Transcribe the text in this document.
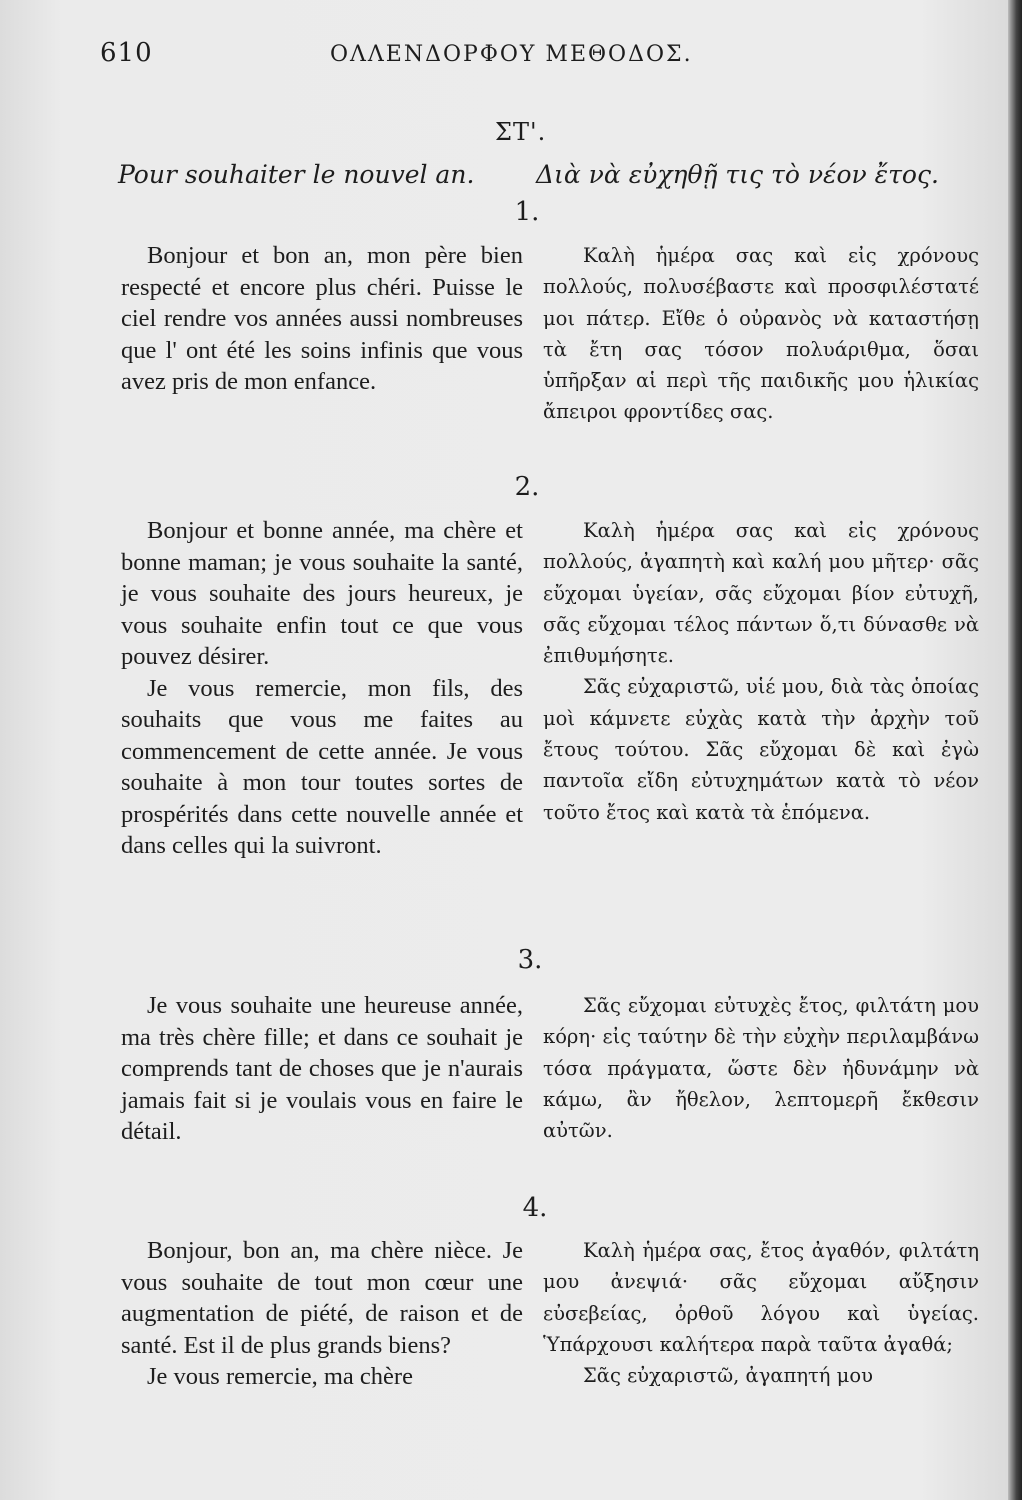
610	ΟΛΛΕΝΔΟΡΦΟΥ ΜΕΘΟΔΟΣ.
ΣΤ'.
Pour souhaiter le nouvel an. Διὰ νὰ εὐχηθῇ τις τὸ νέον ἔτος.
1.

Bonjour et bon an, mon père bien respecté et encore plus chéri. Puisse le ciel rendre vos années aussi nombreuses que l' ont été les soins infinis que vous avez pris de mon enfance.

Καλὴ ἡμέρα σας καὶ εἰς χρόνους πολλούς, πολυσέβαστε καὶ προσφιλέστατέ μοι πάτερ. Εἴθε ὁ οὐρανὸς νὰ καταστήσῃ τὰ ἔτη σας τόσον πολυάριθμα, ὅσαι ὑπῆρξαν αἱ περὶ τῆς παιδικῆς μου ἡλικίας ἄπειροι φροντίδες σας.

2.

Bonjour et bonne année, ma chère et bonne maman; je vous souhaite la santé, je vous souhaite des jours heureux, je vous souhaite enfin tout ce que vous pouvez désirer.

Je vous remercie, mon fils, des souhaits que vous me faites au commencement de cette année. Je vous souhaite à mon tour toutes sortes de prospérités dans cette nouvelle année et dans celles qui la suivront.

Καλὴ ἡμέρα σας καὶ εἰς χρόνους πολλούς, ἀγαπητὴ καὶ καλή μου μῆτερ· σᾶς εὔχομαι ὑγείαν, σᾶς εὔχομαι βίον εὐτυχῆ, σᾶς εὔχομαι τέλος πάντων ὅ,τι δύνασθε νὰ ἐπιθυμήσητε.

Σᾶς εὐχαριστῶ, υἱέ μου, διὰ τὰς ὁποίας μοὶ κάμνετε εὐχὰς κατὰ τὴν ἀρχὴν τοῦ ἔτους τούτου. Σᾶς εὔχομαι δὲ καὶ ἐγὼ παντοῖα εἴδη εὐτυχημάτων κατὰ τὸ νέον τοῦτο ἔτος καὶ κατὰ τὰ ἑπόμενα.

3.

Je vous souhaite une heureuse année, ma très chère fille; et dans ce souhait je comprends tant de choses que je n'aurais jamais fait si je voulais vous en faire le détail.

Σᾶς εὔχομαι εὐτυχὲς ἔτος, φιλτάτη μου κόρη· εἰς ταύτην δὲ τὴν εὐχὴν περιλαμβάνω τόσα πράγματα, ὥστε δὲν ἠδυνάμην νὰ κάμω, ἂν ἤθελον, λεπτομερῆ ἔκθεσιν αὐτῶν.

4.

Bonjour, bon an, ma chère nièce. Je vous souhaite de tout mon cœur une augmentation de piété, de raison et de santé. Est il de plus grands biens?

Je vous remercie, ma chère

Καλὴ ἡμέρα σας, ἔτος ἀγαθόν, φιλτάτη μου ἀνεψιά· σᾶς εὔχομαι αὔξησιν εὐσεβείας, ὀρθοῦ λόγου καὶ ὑγείας. Ὑπάρχουσι καλήτερα παρὰ ταῦτα ἀγαθά;

Σᾶς εὐχαριστῶ, ἀγαπητή μου
